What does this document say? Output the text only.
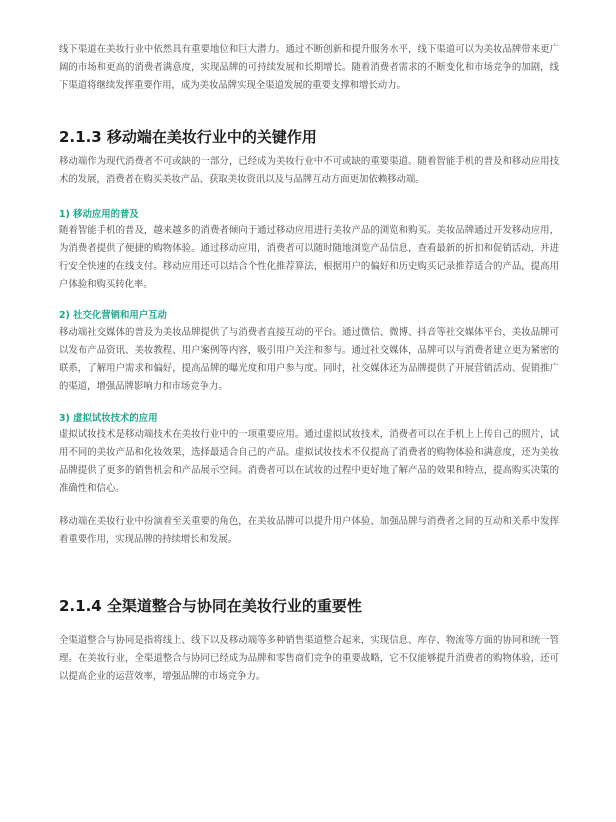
线下渠道在美妆行业中依然具有重要地位和巨大潜力。通过不断创新和提升服务水平，线下渠道可以为美妆品牌带来更广阔的市场和更高的消费者满意度，实现品牌的可持续发展和长期增长。随着消费者需求的不断变化和市场竞争的加剧，线下渠道将继续发挥重要作用，成为美妆品牌实现全渠道发展的重要支撑和增长动力。

2.1.3 移动端在美妆行业中的关键作用

移动端作为现代消费者不可或缺的一部分，已经成为美妆行业中不可或缺的重要渠道。随着智能手机的普及和移动应用技术的发展，消费者在购买美妆产品、获取美妆资讯以及与品牌互动方面更加依赖移动端。

1) 移动应用的普及

随着智能手机的普及，越来越多的消费者倾向于通过移动应用进行美妆产品的浏览和购买。美妆品牌通过开发移动应用，为消费者提供了便捷的购物体验。通过移动应用，消费者可以随时随地浏览产品信息，查看最新的折扣和促销活动，并进行安全快速的在线支付。移动应用还可以结合个性化推荐算法，根据用户的偏好和历史购买记录推荐适合的产品，提高用户体验和购买转化率。

2) 社交化营销和用户互动

移动端社交媒体的普及为美妆品牌提供了与消费者直接互动的平台。通过微信、微博、抖音等社交媒体平台，美妆品牌可以发布产品资讯、美妆教程、用户案例等内容，吸引用户关注和参与。通过社交媒体，品牌可以与消费者建立更为紧密的联系，了解用户需求和偏好，提高品牌的曝光度和用户参与度。同时，社交媒体还为品牌提供了开展营销活动、促销推广的渠道，增强品牌影响力和市场竞争力。

3) 虚拟试妆技术的应用

虚拟试妆技术是移动端技术在美妆行业中的一项重要应用。通过虚拟试妆技术，消费者可以在手机上上传自己的照片，试用不同的美妆产品和化妆效果，选择最适合自己的产品。虚拟试妆技术不仅提高了消费者的购物体验和满意度，还为美妆品牌提供了更多的销售机会和产品展示空间。消费者可以在试妆的过程中更好地了解产品的效果和特点，提高购买决策的准确性和信心。

移动端在美妆行业中扮演着至关重要的角色，在美妆品牌可以提升用户体验、加强品牌与消费者之间的互动和关系中发挥着重要作用，实现品牌的持续增长和发展。

2.1.4 全渠道整合与协同在美妆行业的重要性

全渠道整合与协同是指将线上、线下以及移动端等多种销售渠道整合起来，实现信息、库存、物流等方面的协同和统一管理。在美妆行业，全渠道整合与协同已经成为品牌和零售商们竞争的重要战略，它不仅能够提升消费者的购物体验，还可以提高企业的运营效率，增强品牌的市场竞争力。
